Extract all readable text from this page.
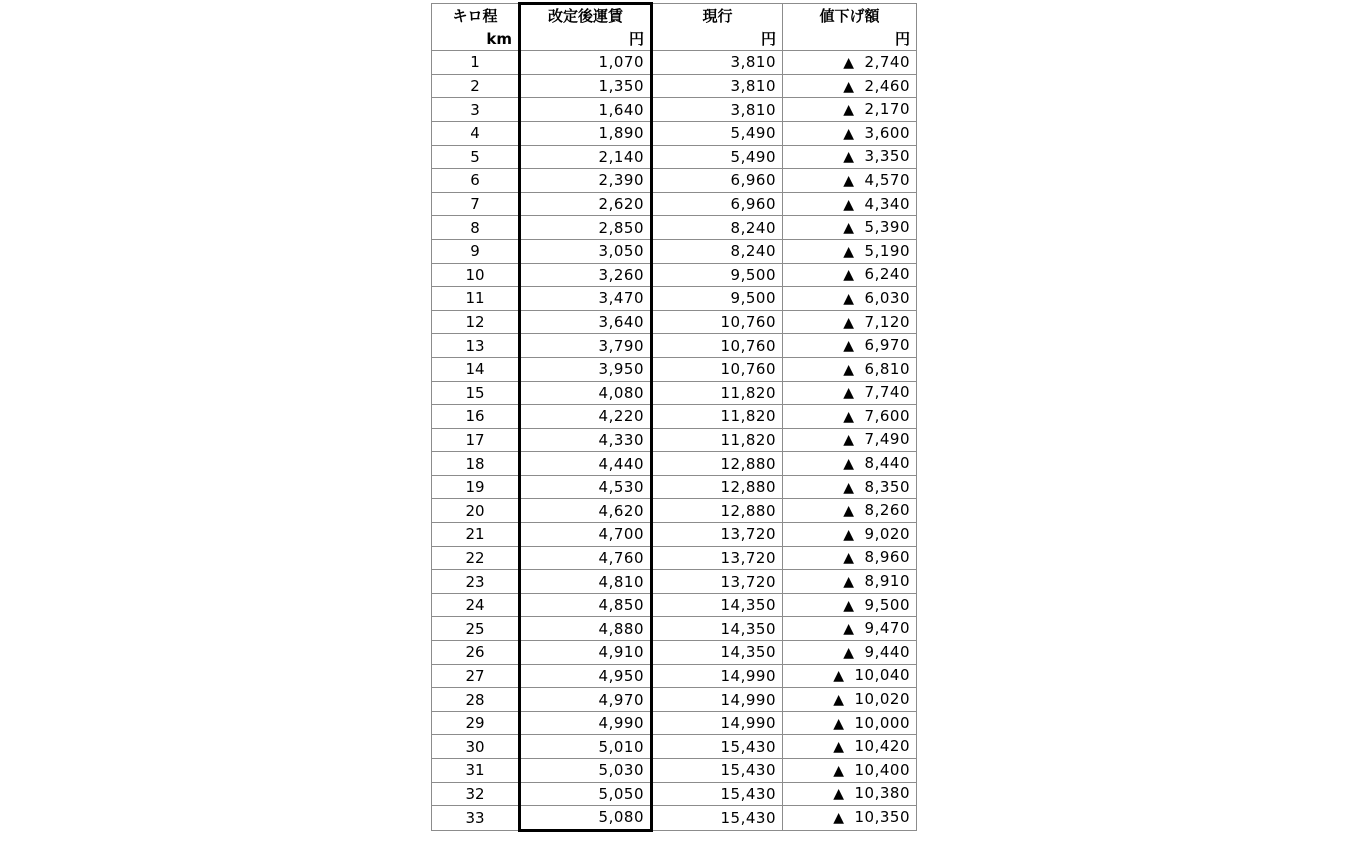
キロ程	改定後運賃	現行	値下げ額
km	円	円	円
1	1,070	3,810	▲ 2,740
2	1,350	3,810	▲ 2,460
3	1,640	3,810	▲ 2,170
4	1,890	5,490	▲ 3,600
5	2,140	5,490	▲ 3,350
6	2,390	6,960	▲ 4,570
7	2,620	6,960	▲ 4,340
8	2,850	8,240	▲ 5,390
9	3,050	8,240	▲ 5,190
10	3,260	9,500	▲ 6,240
11	3,470	9,500	▲ 6,030
12	3,640	10,760	▲ 7,120
13	3,790	10,760	▲ 6,970
14	3,950	10,760	▲ 6,810
15	4,080	11,820	▲ 7,740
16	4,220	11,820	▲ 7,600
17	4,330	11,820	▲ 7,490
18	4,440	12,880	▲ 8,440
19	4,530	12,880	▲ 8,350
20	4,620	12,880	▲ 8,260
21	4,700	13,720	▲ 9,020
22	4,760	13,720	▲ 8,960
23	4,810	13,720	▲ 8,910
24	4,850	14,350	▲ 9,500
25	4,880	14,350	▲ 9,470
26	4,910	14,350	▲ 9,440
27	4,950	14,990	▲ 10,040
28	4,970	14,990	▲ 10,020
29	4,990	14,990	▲ 10,000
30	5,010	15,430	▲ 10,420
31	5,030	15,430	▲ 10,400
32	5,050	15,430	▲ 10,380
33	5,080	15,430	▲ 10,350
